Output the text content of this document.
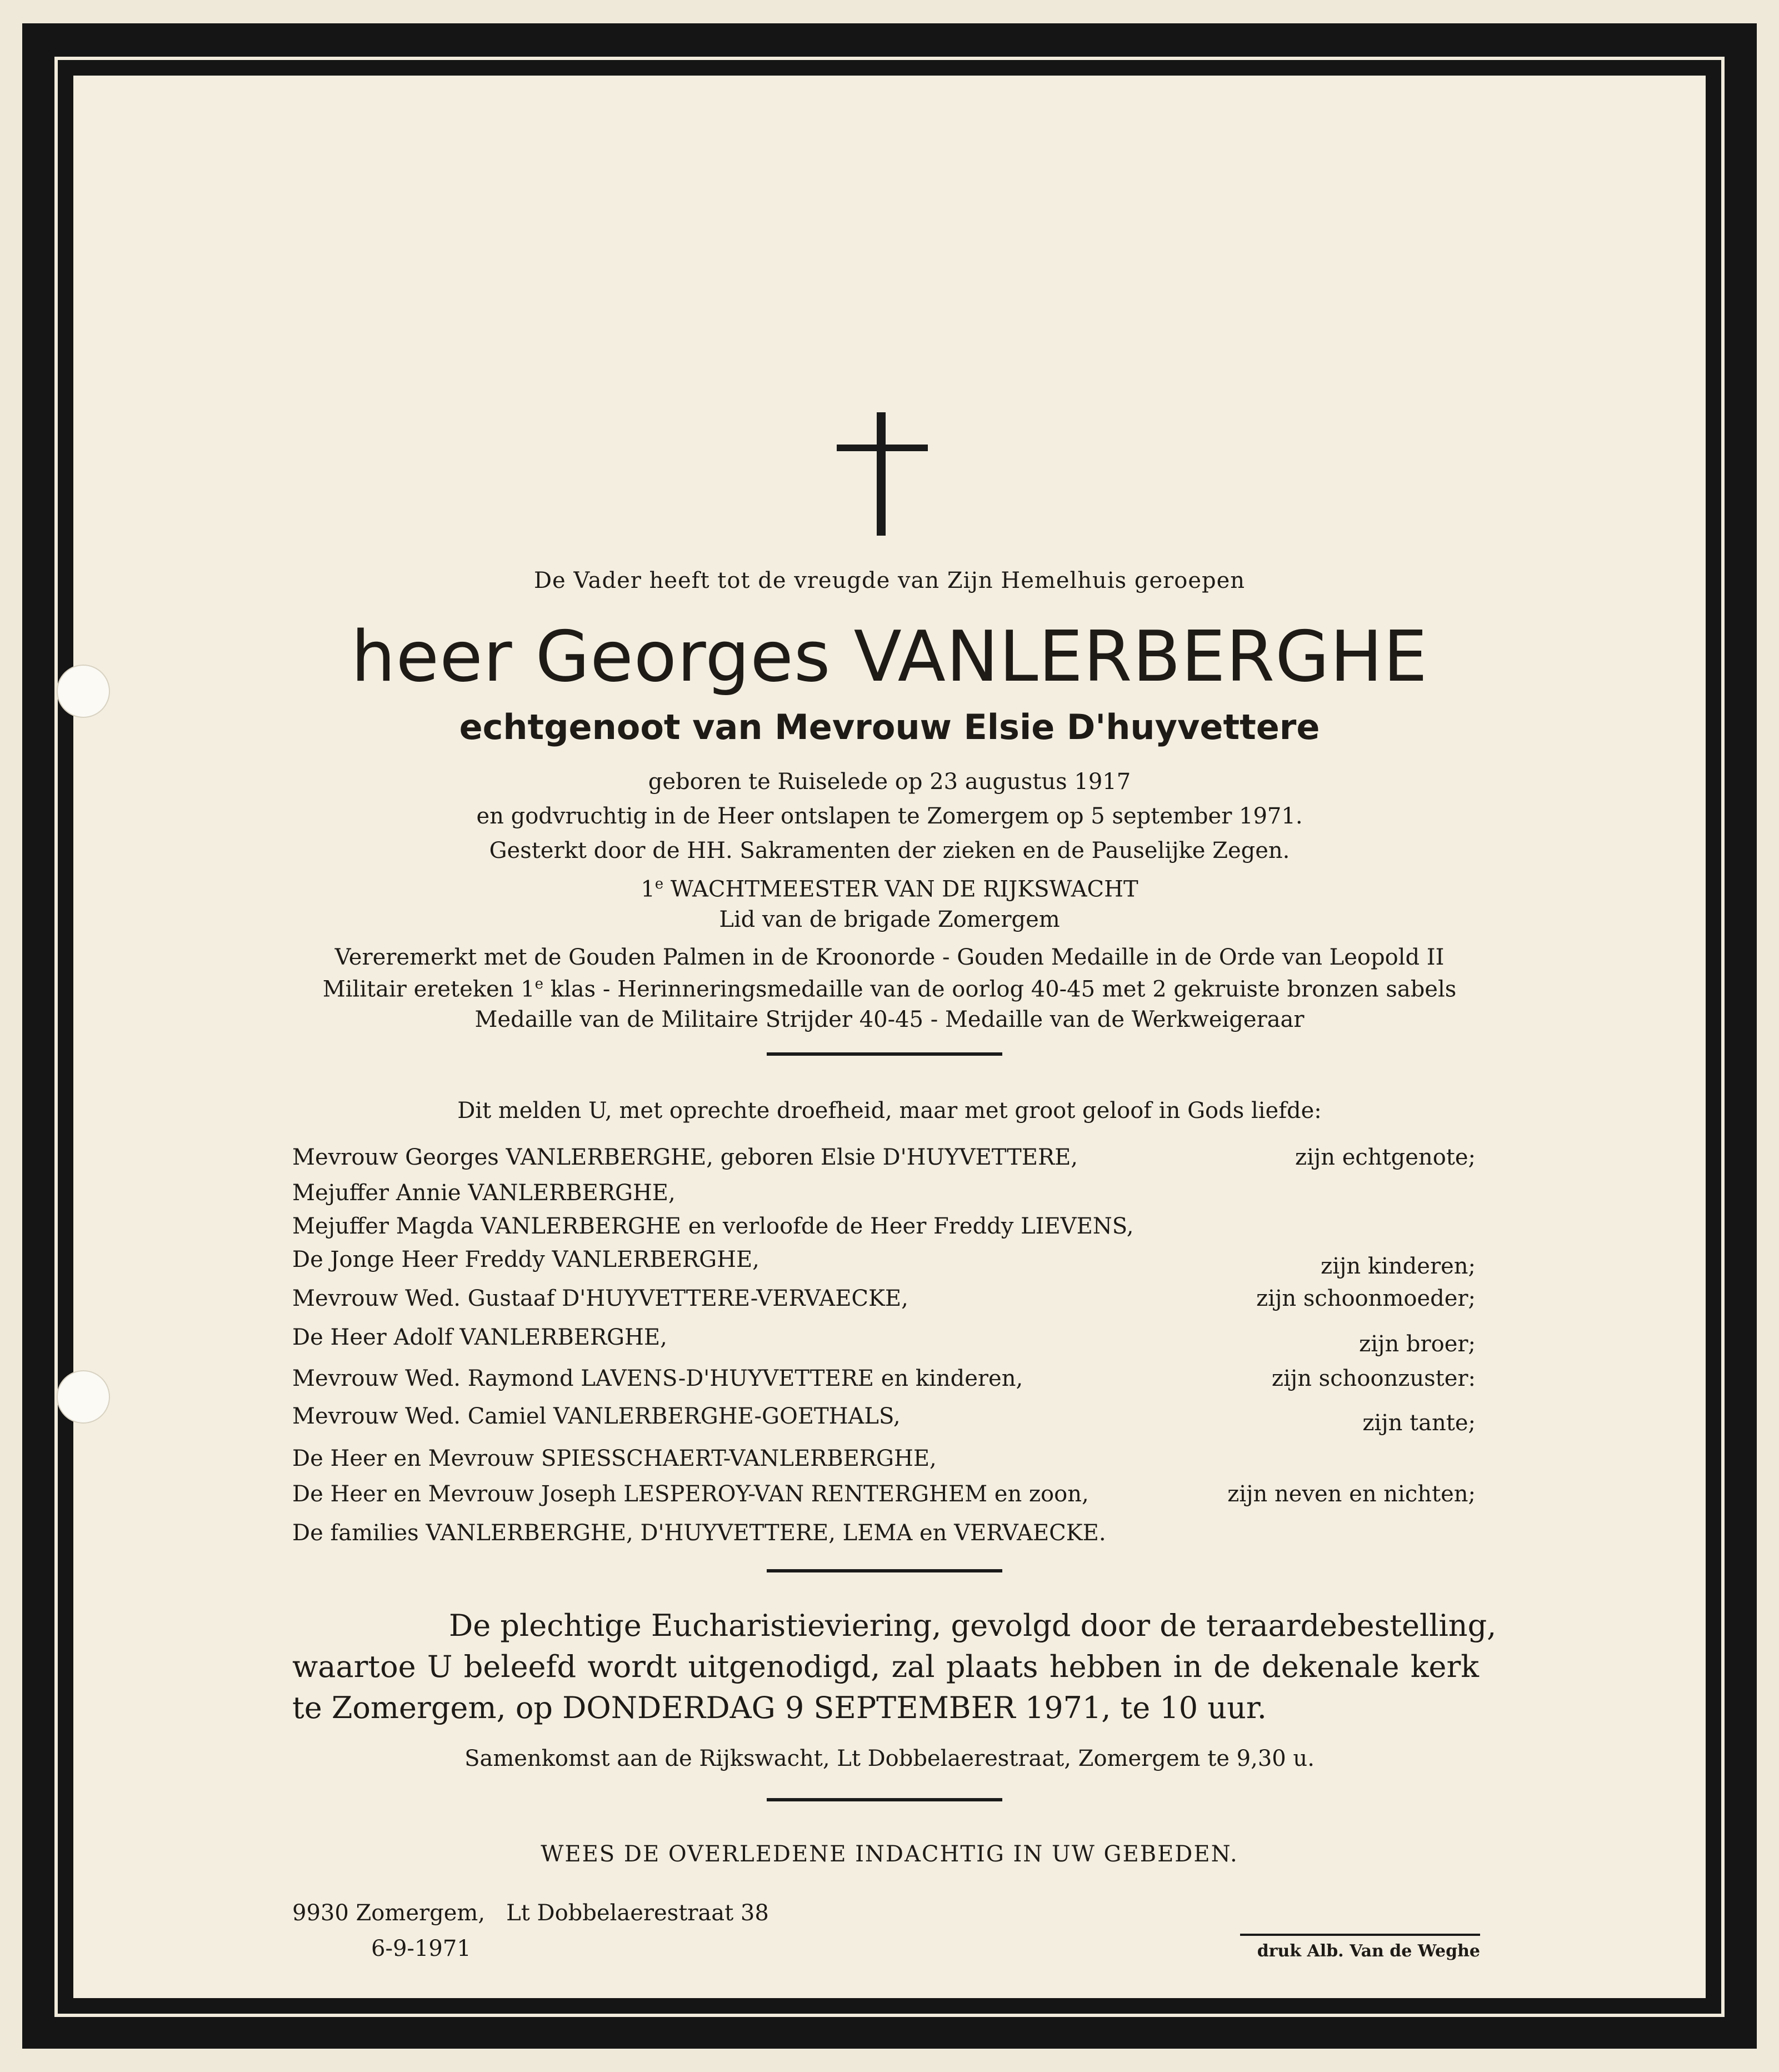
De Vader heeft tot de vreugde van Zijn Hemelhuis geroepen
heer Georges VANLERBERGHE
echtgenoot van Mevrouw Elsie D'huyvettere
geboren te Ruiselede op 23 augustus 1917
en godvruchtig in de Heer ontslapen te Zomergem op 5 september 1971.
Gesterkt door de HH. Sakramenten der zieken en de Pauselijke Zegen.
1e WACHTMEESTER VAN DE RIJKSWACHT
Lid van de brigade Zomergem
Vereremerkt met de Gouden Palmen in de Kroonorde - Gouden Medaille in de Orde van Leopold II
Militair ereteken 1e klas - Herinneringsmedaille van de oorlog 40-45 met 2 gekruiste bronzen sabels
Medaille van de Militaire Strijder 40-45 - Medaille van de Werkweigeraar
Dit melden U, met oprechte droefheid, maar met groot geloof in Gods liefde:
Mevrouw Georges VANLERBERGHE, geboren Elsie D'HUYVETTERE,	zijn echtgenote;
Mejuffer Annie VANLERBERGHE,
Mejuffer Magda VANLERBERGHE en verloofde de Heer Freddy LIEVENS,
De Jonge Heer Freddy VANLERBERGHE,	zijn kinderen;
Mevrouw Wed. Gustaaf D'HUYVETTERE-VERVAECKE,	zijn schoonmoeder;
De Heer Adolf VANLERBERGHE,	zijn broer;
Mevrouw Wed. Raymond LAVENS-D'HUYVETTERE en kinderen,	zijn schoonzuster:
Mevrouw Wed. Camiel VANLERBERGHE-GOETHALS,	zijn tante;
De Heer en Mevrouw SPIESSCHAERT-VANLERBERGHE,
De Heer en Mevrouw Joseph LESPEROY-VAN RENTERGHEM en zoon,	zijn neven en nichten;
De families VANLERBERGHE, D'HUYVETTERE, LEMA en VERVAECKE.
De plechtige Eucharistieviering, gevolgd door de teraardebestelling,
waartoe U beleefd wordt uitgenodigd, zal plaats hebben in de dekenale kerk
te Zomergem, op DONDERDAG 9 SEPTEMBER 1971, te 10 uur.
Samenkomst aan de Rijkswacht, Lt Dobbelaerestraat, Zomergem te 9,30 u.
WEES DE OVERLEDENE INDACHTIG IN UW GEBEDEN.
9930 Zomergem,   Lt Dobbelaerestraat 38
6-9-1971	druk Alb. Van de Weghe
